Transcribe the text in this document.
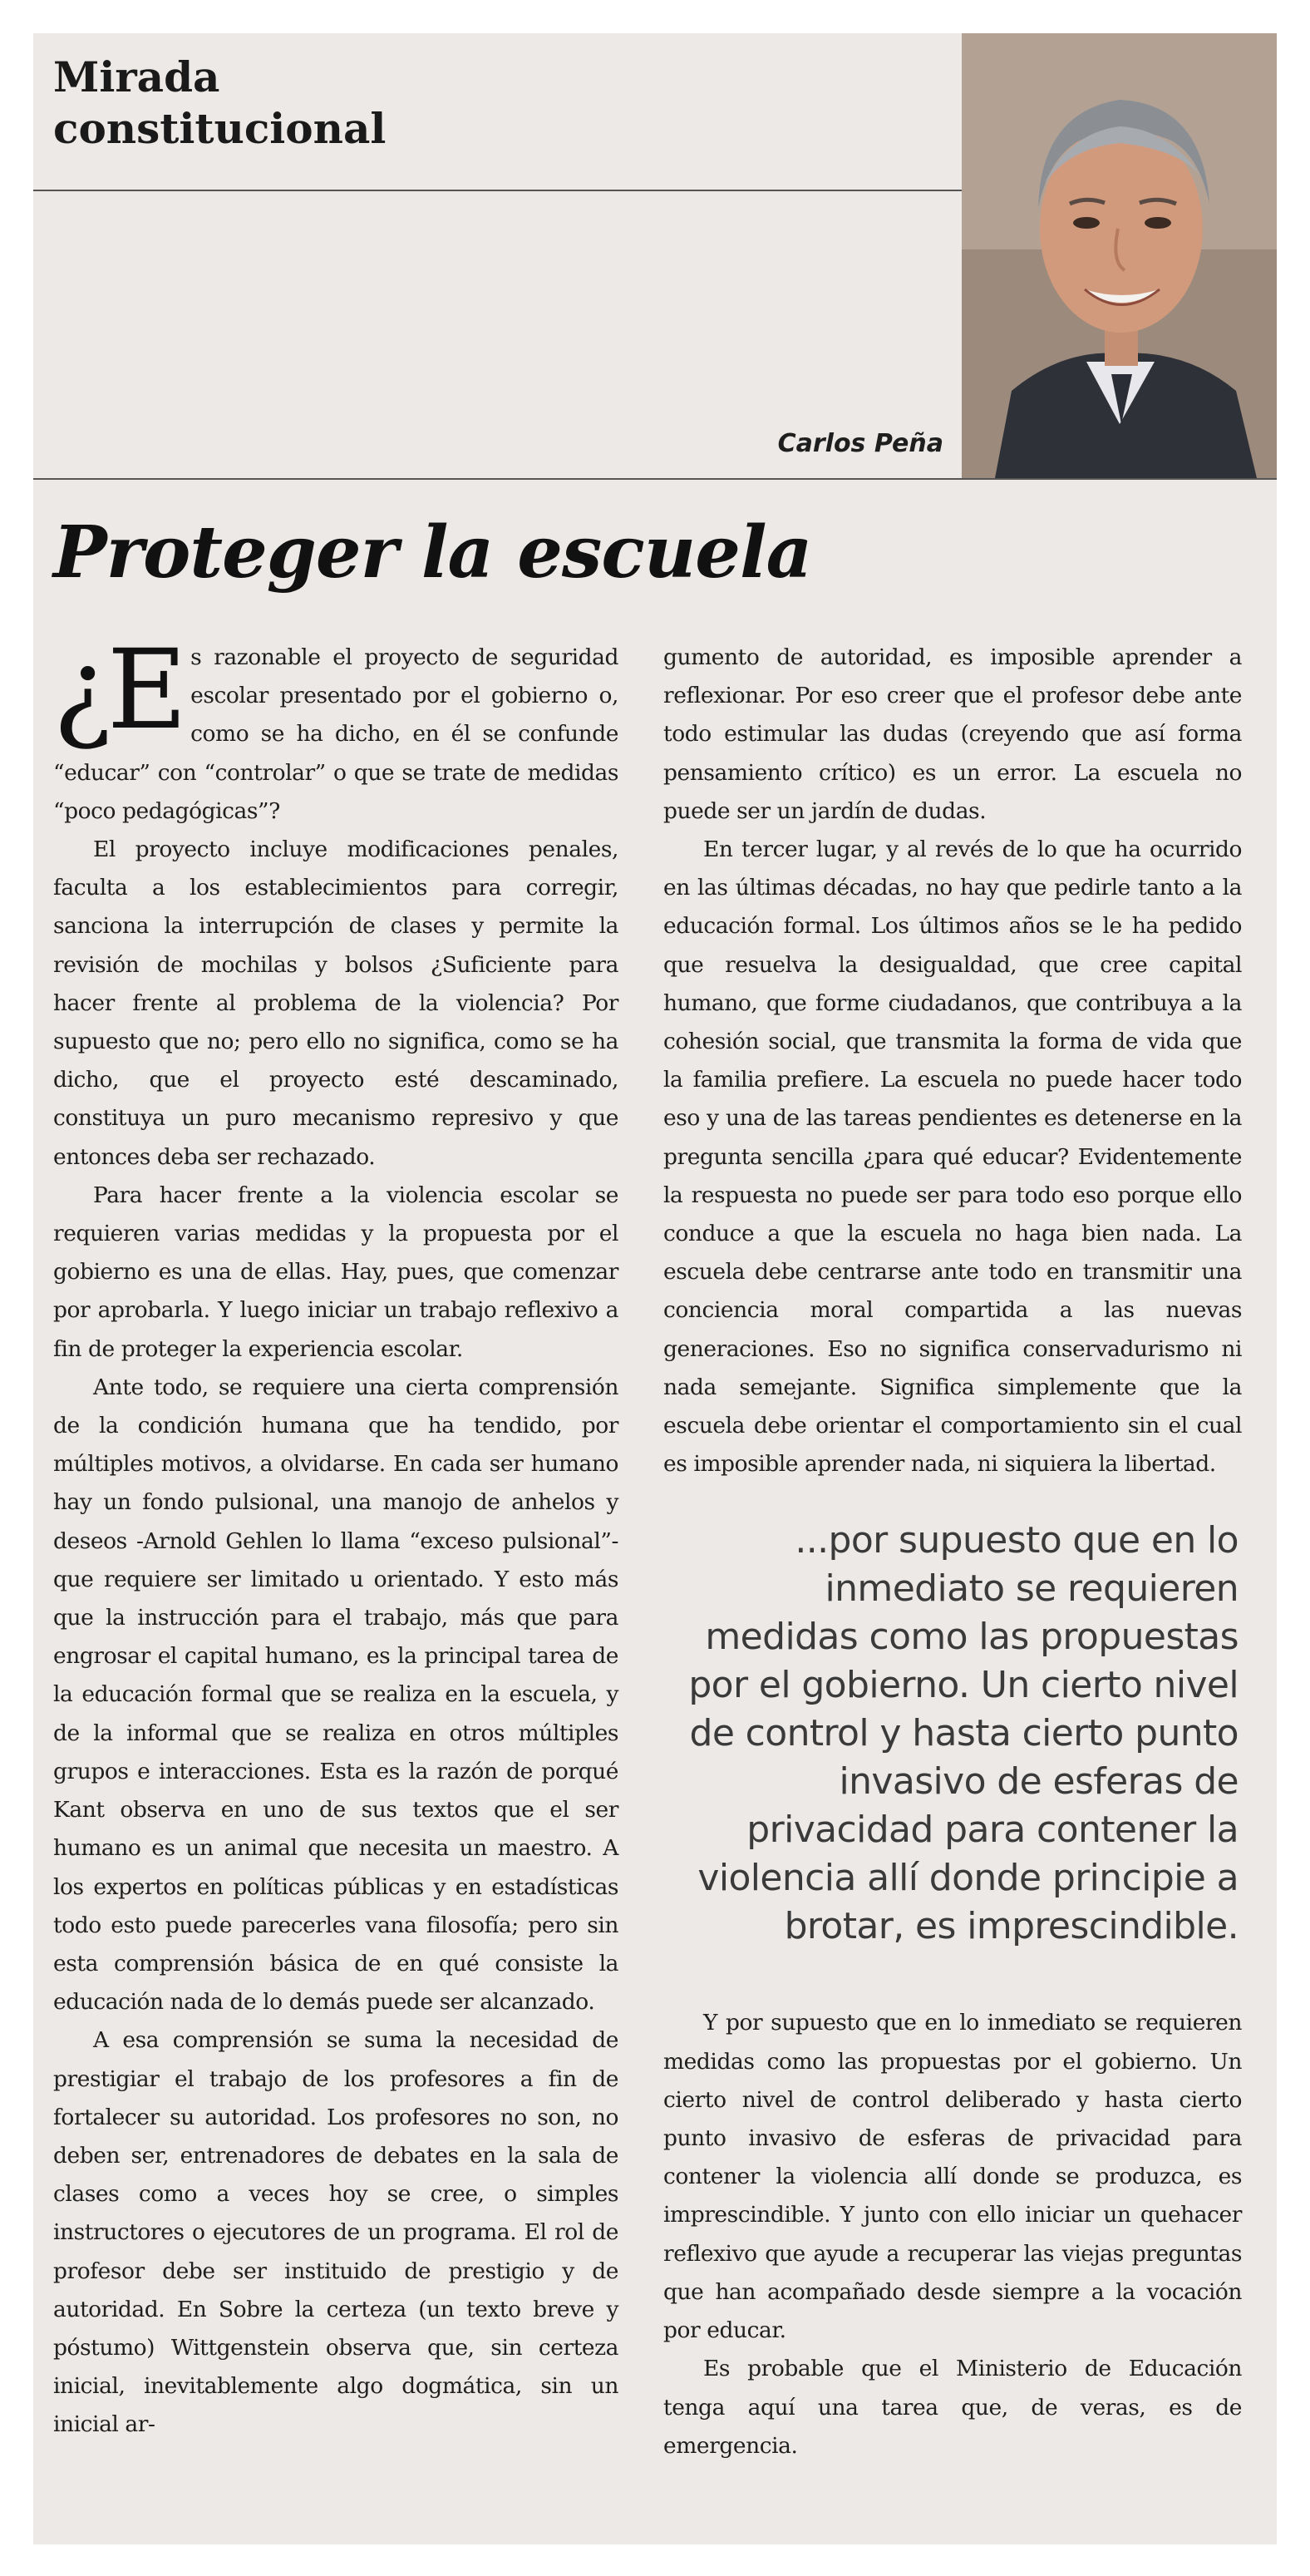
Mirada
constitucional
Carlos Peña
Proteger la escuela

¿E s razonable el proyecto de seguridad escolar presentado por el gobierno o, como se ha dicho, en él se confunde “educar” con “controlar” o que se trate de medidas “poco pedagógicas”?

El proyecto incluye modificaciones penales, faculta a los establecimientos para corregir, sanciona la interrupción de clases y permite la revisión de mochilas y bolsos ¿Suficiente para hacer frente al problema de la violencia? Por supuesto que no; pero ello no significa, como se ha dicho, que el proyecto esté descaminado, constituya un puro mecanismo represivo y que entonces deba ser rechazado.

Para hacer frente a la violencia escolar se requieren varias medidas y la propuesta por el gobierno es una de ellas. Hay, pues, que comenzar por aprobarla. Y luego iniciar un trabajo reflexivo a fin de proteger la experiencia escolar.

Ante todo, se requiere una cierta comprensión de la condición humana que ha tendido, por múltiples motivos, a olvidarse. En cada ser humano hay un fondo pulsional, una manojo de anhelos y deseos -Arnold Gehlen lo llama “exceso pulsional”- que requiere ser limitado u orientado. Y esto más que la instrucción para el trabajo, más que para engrosar el capital humano, es la principal tarea de la educación formal que se realiza en la escuela, y de la informal que se realiza en otros múltiples grupos e interacciones. Esta es la razón de porqué Kant observa en uno de sus textos que el ser humano es un animal que necesita un maestro. A los expertos en políticas públicas y en estadísticas todo esto puede parecerles vana filosofía; pero sin esta comprensión básica de en qué consiste la educación nada de lo demás puede ser alcanzado.

A esa comprensión se suma la necesidad de prestigiar el trabajo de los profesores a fin de fortalecer su autoridad. Los profesores no son, no deben ser, entrenadores de debates en la sala de clases como a veces hoy se cree, o simples instructores o ejecutores de un programa. El rol de profesor debe ser instituido de prestigio y de autoridad. En Sobre la certeza (un texto breve y póstumo) Wittgenstein observa que, sin certeza inicial, inevitablemente algo dogmática, sin un inicial ar-

gumento de autoridad, es imposible aprender a reflexionar. Por eso creer que el profesor debe ante todo estimular las dudas (creyendo que así forma pensamiento crítico) es un error. La escuela no puede ser un jardín de dudas.

En tercer lugar, y al revés de lo que ha ocurrido en las últimas décadas, no hay que pedirle tanto a la educación formal. Los últimos años se le ha pedido que resuelva la desigualdad, que cree capital humano, que forme ciudadanos, que contribuya a la cohesión social, que transmita la forma de vida que la familia prefiere. La escuela no puede hacer todo eso y una de las tareas pendientes es detenerse en la pregunta sencilla ¿para qué educar? Evidentemente la respuesta no puede ser para todo eso porque ello conduce a que la escuela no haga bien nada. La escuela debe centrarse ante todo en transmitir una conciencia moral compartida a las nuevas generaciones. Eso no significa conservadurismo ni nada semejante. Significa simplemente que la escuela debe orientar el comportamiento sin el cual es imposible aprender nada, ni siquiera la libertad.

...por supuesto que en lo inmediato se requieren medidas como las propuestas por el gobierno. Un cierto nivel de control y hasta cierto punto invasivo de esferas de privacidad para contener la violencia allí donde principie a brotar, es imprescindible.

Y por supuesto que en lo inmediato se requieren medidas como las propuestas por el gobierno. Un cierto nivel de control deliberado y hasta cierto punto invasivo de esferas de privacidad para contener la violencia allí donde se produzca, es imprescindible. Y junto con ello iniciar un quehacer reflexivo que ayude a recuperar las viejas preguntas que han acompañado desde siempre a la vocación por educar.

Es probable que el Ministerio de Educación tenga aquí una tarea que, de veras, es de emergencia.
